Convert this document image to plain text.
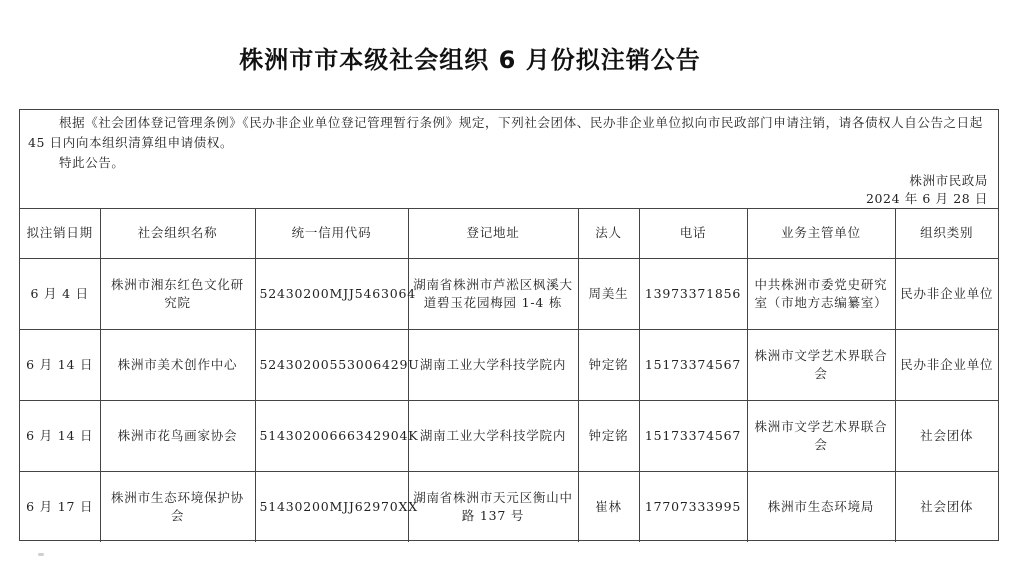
株洲市市本级社会组织 6 月份拟注销公告
根据《社会团体登记管理条例》《民办非企业单位登记管理暂行条例》规定，下列社会团体、民办非企业单位拟向市民政部门申请注销，请各债权人自公告之日起 45 日内向本组织清算组申请债权。
特此公告。
株洲市民政局
2024 年 6 月 28 日
拟注销日期	社会组织名称	统一信用代码	登记地址	法人	电话	业务主管单位	组织类别
6 月 4 日	株洲市湘东红色文化研究院	52430200MJJ5463064	湖南省株洲市芦淞区枫溪大道碧玉花园梅园 1-4 栋	周美生	13973371856	中共株洲市委党史研究室（市地方志编纂室）	民办非企业单位
6 月 14 日	株洲市美术创作中心	52430200553006429U	湖南工业大学科技学院内	钟定铭	15173374567	株洲市文学艺术界联合会	民办非企业单位
6 月 14 日	株洲市花鸟画家协会	51430200666342904K	湖南工业大学科技学院内	钟定铭	15173374567	株洲市文学艺术界联合会	社会团体
6 月 17 日	株洲市生态环境保护协会	51430200MJJ62970XX	湖南省株洲市天元区衡山中路 137 号	崔林	17707333995	株洲市生态环境局	社会团体
